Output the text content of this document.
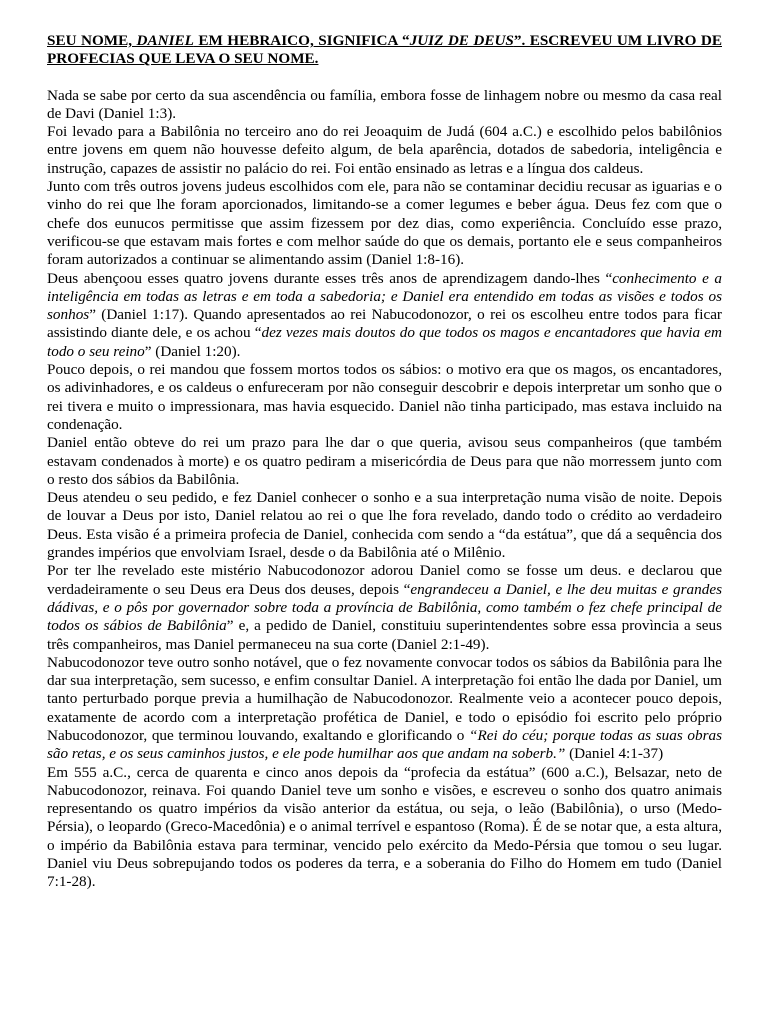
SEU NOME, DANIEL EM HEBRAICO, SIGNIFICA “JUIZ DE DEUS”. ESCREVEU UM LIVRO DE PROFECIAS QUE LEVA O SEU NOME.

Nada se sabe por certo da sua ascendência ou família, embora fosse de linhagem nobre ou mesmo da casa real de Davi (Daniel 1:3).

Foi levado para a Babilônia no terceiro ano do rei Jeoaquim de Judá (604 a.C.) e escolhido pelos babilônios entre jovens em quem não houvesse defeito algum, de bela aparência, dotados de sabedoria, inteligência e instrução, capazes de assistir no palácio do rei. Foi então ensinado as letras e a língua dos caldeus.

Junto com três outros jovens judeus escolhidos com ele, para não se contaminar decidiu recusar as iguarias e o vinho do rei que lhe foram aporcionados, limitando-se a comer legumes e beber água. Deus fez com que o chefe dos eunucos permitisse que assim fizessem por dez dias, como experiência. Concluído esse prazo, verificou-se que estavam mais fortes e com melhor saúde do que os demais, portanto ele e seus companheiros foram autorizados a continuar se alimentando assim (Daniel 1:8-16).

Deus abençoou esses quatro jovens durante esses três anos de aprendizagem dando-lhes “conhecimento e a inteligência em todas as letras e em toda a sabedoria; e Daniel era entendido em todas as visões e todos os sonhos” (Daniel 1:17). Quando apresentados ao rei Nabucodonozor, o rei os escolheu entre todos para ficar assistindo diante dele, e os achou “dez vezes mais doutos do que todos os magos e encantadores que havia em todo o seu reino” (Daniel 1:20).

Pouco depois, o rei mandou que fossem mortos todos os sábios: o motivo era que os magos, os encantadores, os adivinhadores, e os caldeus o enfureceram por não conseguir descobrir e depois interpretar um sonho que o rei tivera e muito o impressionara, mas havia esquecido. Daniel não tinha participado, mas estava incluido na condenação.

Daniel então obteve do rei um prazo para lhe dar o que queria, avisou seus companheiros (que também estavam condenados à morte) e os quatro pediram a misericórdia de Deus para que não morressem junto com o resto dos sábios da Babilônia.

Deus atendeu o seu pedido, e fez Daniel conhecer o sonho e a sua interpretação numa visão de noite. Depois de louvar a Deus por isto, Daniel relatou ao rei o que lhe fora revelado, dando todo o crédito ao verdadeiro Deus. Esta visão é a primeira profecia de Daniel, conhecida com sendo a “da estátua”, que dá a sequência dos grandes impérios que envolviam Israel, desde o da Babilônia até o Milênio.

Por ter lhe revelado este mistério Nabucodonozor adorou Daniel como se fosse um deus. e declarou que verdadeiramente o seu Deus era Deus dos deuses, depois “engrandeceu a Daniel, e lhe deu muitas e grandes dádivas, e o pôs por governador sobre toda a província de Babilônia, como também o fez chefe principal de todos os sábios de Babilônia” e, a pedido de Daniel, constituiu superintendentes sobre essa provìncia a seus três companheiros, mas Daniel permaneceu na sua corte (Daniel 2:1-49).

Nabucodonozor teve outro sonho notável, que o fez novamente convocar todos os sábios da Babilônia para lhe dar sua interpretação, sem sucesso, e enfim consultar Daniel. A interpretação foi então lhe dada por Daniel, um tanto perturbado porque previa a humilhação de Nabucodonozor. Realmente veio a acontecer pouco depois, exatamente de acordo com a interpretação profética de Daniel, e todo o episódio foi escrito pelo próprio Nabucodonozor, que terminou louvando, exaltando e glorificando o “Rei do céu; porque todas as suas obras são retas, e os seus caminhos justos, e ele pode humilhar aos que andam na soberb.” (Daniel 4:1-37)

Em 555 a.C., cerca de quarenta e cinco anos depois da “profecia da estátua” (600 a.C.), Belsazar, neto de Nabucodonozor, reinava. Foi quando Daniel teve um sonho e visões, e escreveu o sonho dos quatro animais representando os quatro impérios da visão anterior da estátua, ou seja, o leão (Babilônia), o urso (Medo-Pérsia), o leopardo (Greco-Macedônia) e o animal terrível e espantoso (Roma). É de se notar que, a esta altura, o império da Babilônia estava para terminar, vencido pelo exército da Medo-Pérsia que tomou o seu lugar. Daniel viu Deus sobrepujando todos os poderes da terra, e a soberania do Filho do Homem em tudo (Daniel 7:1-28).
